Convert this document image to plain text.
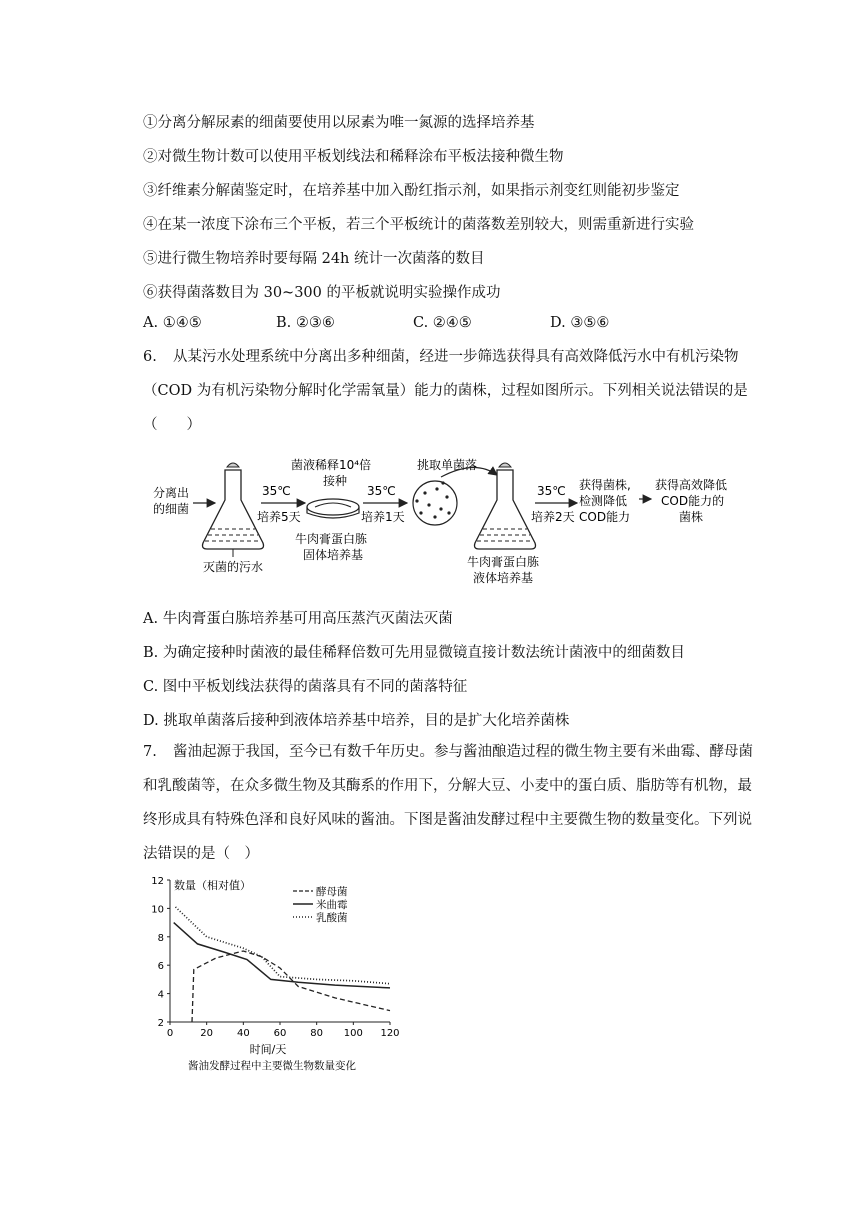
①分离分解尿素的细菌要使用以尿素为唯一氮源的选择培养基
②对微生物计数可以使用平板划线法和稀释涂布平板法接种微生物
③纤维素分解菌鉴定时，在培养基中加入酚红指示剂，如果指示剂变红则能初步鉴定
④在某一浓度下涂布三个平板，若三个平板统计的菌落数差别较大，则需重新进行实验
⑤进行微生物培养时要每隔 24h 统计一次菌落的数目
⑥获得菌落数目为 30~300 的平板就说明实验操作成功
A. ①④⑤	B. ②③⑥	C. ②④⑤	D. ③⑤⑥
6. 从某污水处理系统中分离出多种细菌，经进一步筛选获得具有高效降低污水中有机污染物（COD 为有机污染物分解时化学需氧量）能力的菌株，过程如图所示。下列相关说法错误的是（　　）
分离出
的细菌
灭菌的污水
35℃
培养5天
菌液稀释10⁴倍
接种
牛肉膏蛋白胨
固体培养基
35℃
培养1天
挑取单菌落
牛肉膏蛋白胨
液体培养基
35℃
培养2天
获得菌株,
检测降低
COD能力
获得高效降低
COD能力的
菌株
A. 牛肉膏蛋白胨培养基可用高压蒸汽灭菌法灭菌
B. 为确定接种时菌液的最佳稀释倍数可先用显微镜直接计数法统计菌液中的细菌数目
C. 图中平板划线法获得的菌落具有不同的菌落特征
D. 挑取单菌落后接种到液体培养基中培养，目的是扩大化培养菌株
7. 酱油起源于我国，至今已有数千年历史。参与酱油酿造过程的微生物主要有米曲霉、酵母菌和乳酸菌等，在众多微生物及其酶系的作用下，分解大豆、小麦中的蛋白质、脂肪等有机物，最终形成具有特殊色泽和良好风味的酱油。下图是酱油发酵过程中主要微生物的数量变化。下列说法错误的是（　）
0	20 40 60 80 100 120
2
4
6
8
10
12 数量（相对值）
时间/天
酱油发酵过程中主要微生物数量变化
酵母菌
米曲霉
乳酸菌
